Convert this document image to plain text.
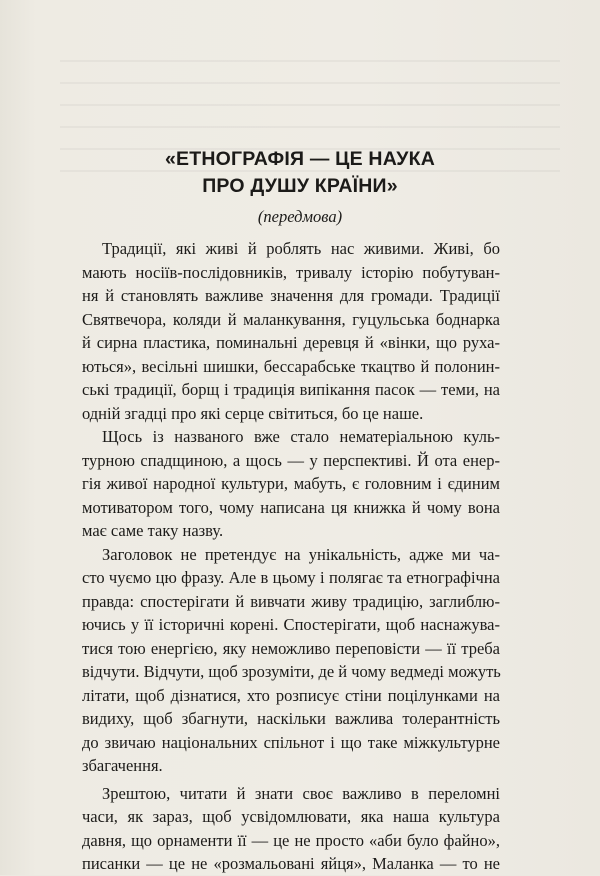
«ЕТНОГРАФІЯ — ЦЕ НАУКА
ПРО ДУШУ КРАЇНИ»
(передмова)
Традиції, які живі й роблять нас живими. Живі, бо
мають носіїв-послідовників, тривалу історію побутуван-
ня й становлять важливе значення для громади. Традиції
Святвечора, коляди й маланкування, гуцульська боднарка
й сирна пластика, поминальні деревця й «вінки, що руха-
ються», весільні шишки, бессарабське ткацтво й полонин-
ські традиції, борщ і традиція випікання пасок — теми, на
одній згадці про які серце світиться, бо це наше.
Щось із названого вже стало нематеріальною куль-
турною спадщиною, а щось — у перспективі. Й ота енер-
гія живої народної культури, мабуть, є головним і єдиним
мотиватором того, чому написана ця книжка й чому вона
має саме таку назву.
Заголовок не претендує на унікальність, адже ми ча-
сто чуємо цю фразу. Але в цьому і полягає та етнографічна
правда: спостерігати й вивчати живу традицію, заглиблю-
ючись у її історичні корені. Спостерігати, щоб наснажува-
тися тою енергією, яку неможливо переповісти — її треба
відчути. Відчути, щоб зрозуміти, де й чому ведмеді можуть
літати, щоб дізнатися, хто розписує стіни поцілунками на
видиху, щоб збагнути, наскільки важлива толерантність
до звичаю національних спільнот і що таке міжкультурне
збагачення.
Зрештою, читати й знати своє важливо в переломні
часи, як зараз, щоб усвідомлювати, яка наша культура
давня, що орнаменти її — це не просто «аби було файно»,
писанки — це не «розмальовані яйця», Маланка — то не
